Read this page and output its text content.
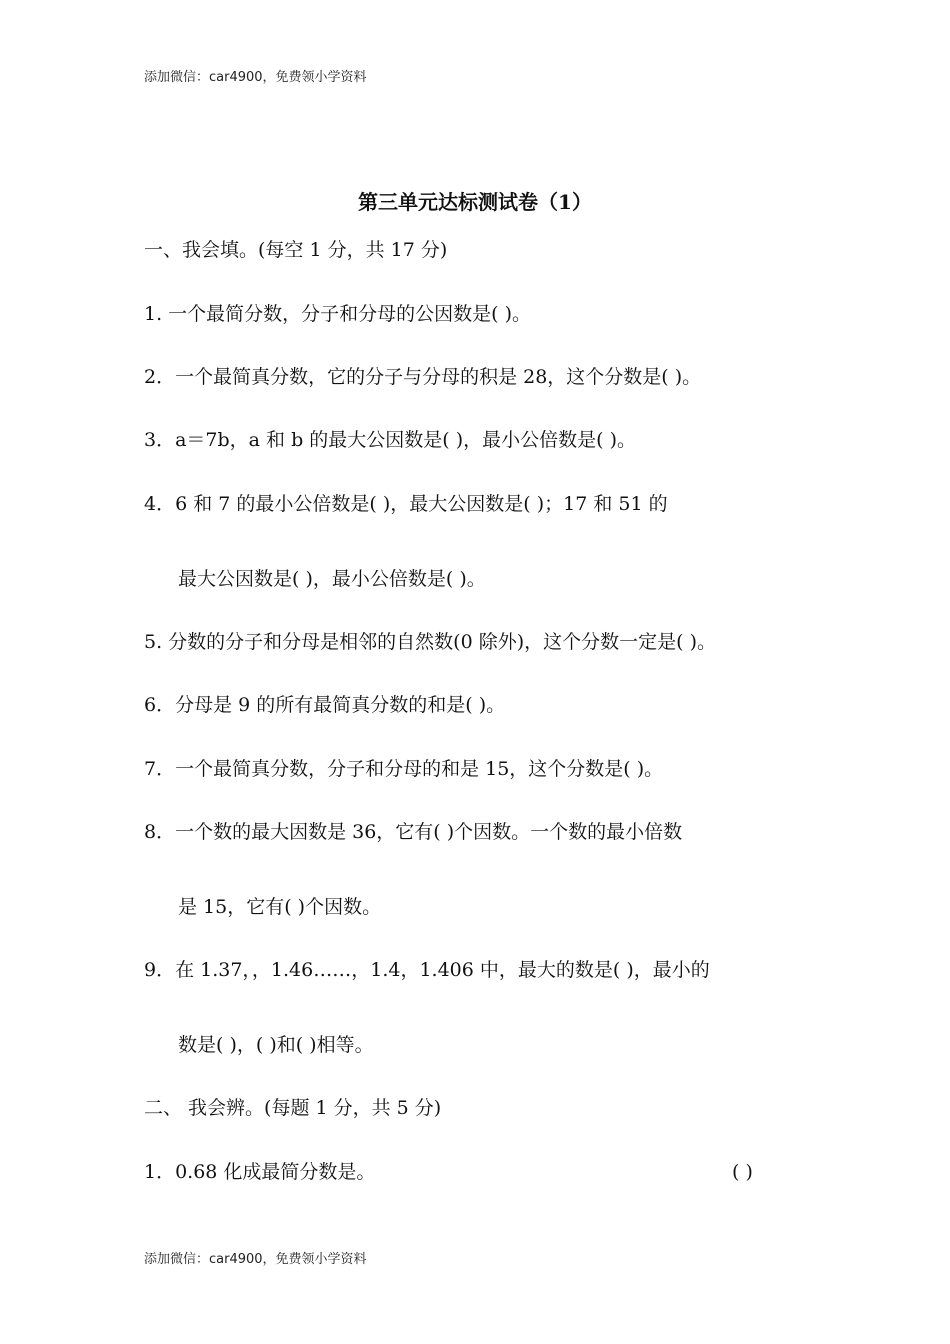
添加微信：car4900，免费领小学资料
第三单元达标测试卷（1）
一、我会填。(每空 1 分，共 17 分)
1. 一个最简分数，分子和分母的公因数是( )。
2．一个最简真分数，它的分子与分母的积是 28，这个分数是( )。
3．a＝7b，a 和 b 的最大公因数是( )，最小公倍数是( )。
4．6 和 7 的最小公倍数是( )，最大公因数是( )；17 和 51 的
最大公因数是( )，最小公倍数是( )。
5. 分数的分子和分母是相邻的自然数(0 除外)，这个分数一定是( )。
6．分母是 9 的所有最简真分数的和是( )。
7．一个最简真分数，分子和分母的和是 15，这个分数是( )。
8．一个数的最大因数是 36，它有( )个因数。一个数的最小倍数
是 15，它有( )个因数。
9．在 1.37，，1.46……，1.4，1.406 中，最大的数是( )，最小的
数是( )，( )和( )相等。
二、 我会辨。(每题 1 分，共 5 分)
1．0.68 化成最简分数是。	( )
添加微信：car4900，免费领小学资料
